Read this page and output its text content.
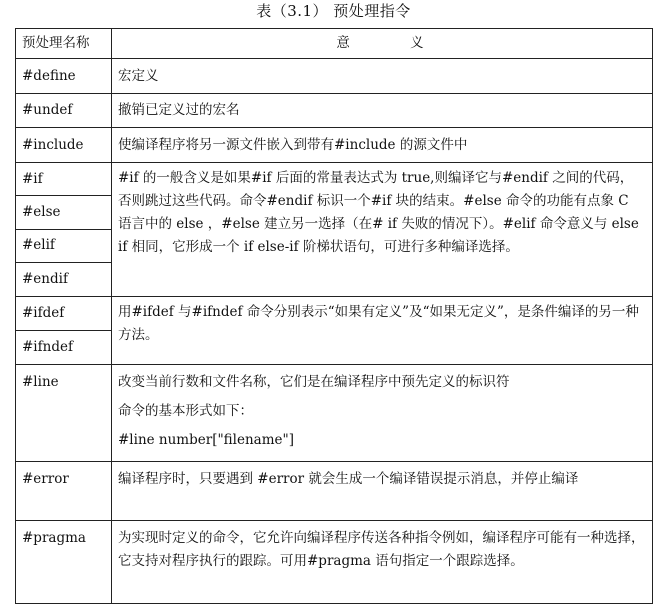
表（3.1） 预处理指令
预处理名称	意 义
#define	宏定义
#undef	撤销已定义过的宏名
#include	使编译程序将另一源文件嵌入到带有#include 的源文件中
#if	#if 的一般含义是如果#if 后面的常量表达式为 true,则编译它与#endif 之间的代码，否则跳过这些代码。命令#endif 标识一个#if 块的结束。#else 命令的功能有点象 C 语言中的 else ，#else 建立另一选择（在# if 失败的情况下）。#elif 命令意义与 else if 相同，它形成一个 if else-if 阶梯状语句，可进行多种编译选择。
#else	
#elif	
#endif	
#ifdef	用#ifdef 与#ifndef 命令分别表示“如果有定义”及“如果无定义”，是条件编译的另一种方法。
#ifndef	
#line	改变当前行数和文件名称，它们是在编译程序中预先定义的标识符
命令的基本形式如下：
#line number["filename"]

#error	编译程序时，只要遇到 #error 就会生成一个编译错误提示消息，并停止编译
#pragma	为实现时定义的命令，它允许向编译程序传送各种指令例如，编译程序可能有一种选择，它支持对程序执行的跟踪。可用#pragma 语句指定一个跟踪选择。
